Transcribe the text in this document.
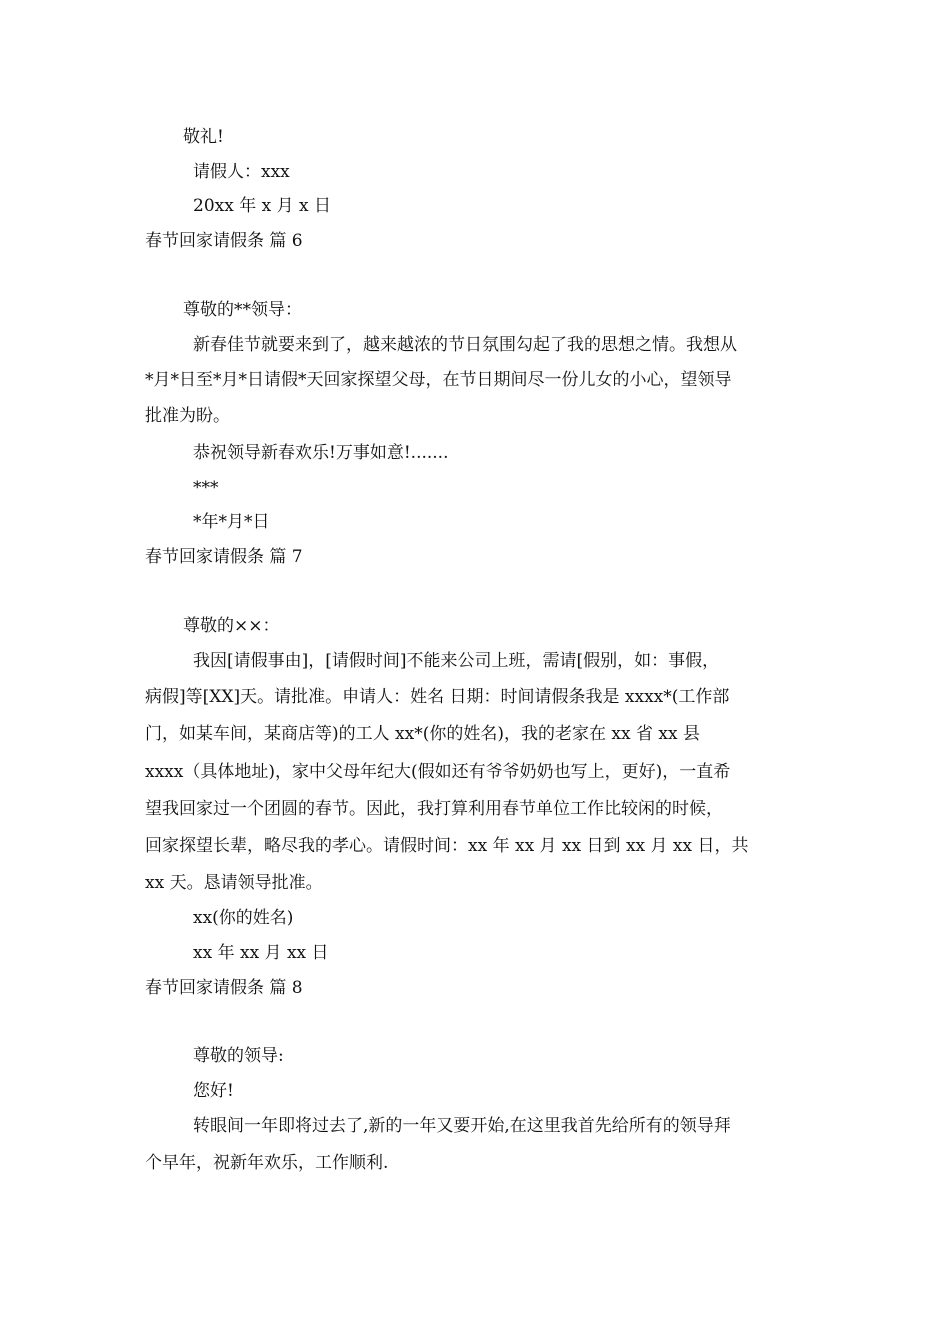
敬礼!
请假人：xxx
20xx 年 x 月 x 日
春节回家请假条 篇 6
尊敬的**领导：
新春佳节就要来到了，越来越浓的节日氛围勾起了我的思想之情。我想从
*月*日至*月*日请假*天回家探望父母，在节日期间尽一份儿女的小心，望领导
批准为盼。
恭祝领导新春欢乐!万事如意!.......
***
*年*月*日
春节回家请假条 篇 7
尊敬的××：
我因[请假事由]，[请假时间]不能来公司上班，需请[假别，如：事假，
病假]等[XX]天。请批准。申请人：姓名 日期：时间请假条我是 xxxx*(工作部
门，如某车间，某商店等)的工人 xx*(你的姓名)，我的老家在 xx 省 xx 县
xxxx（具体地址)，家中父母年纪大(假如还有爷爷奶奶也写上，更好)，一直希
望我回家过一个团圆的春节。因此，我打算利用春节单位工作比较闲的时候，
回家探望长辈，略尽我的孝心。请假时间：xx 年 xx 月 xx 日到 xx 月 xx 日，共
xx 天。恳请领导批准。
xx(你的姓名)
xx 年 xx 月 xx 日
春节回家请假条 篇 8
尊敬的领导:
您好!
转眼间一年即将过去了,新的一年又要开始,在这里我首先给所有的领导拜
个早年，祝新年欢乐，工作顺利.
